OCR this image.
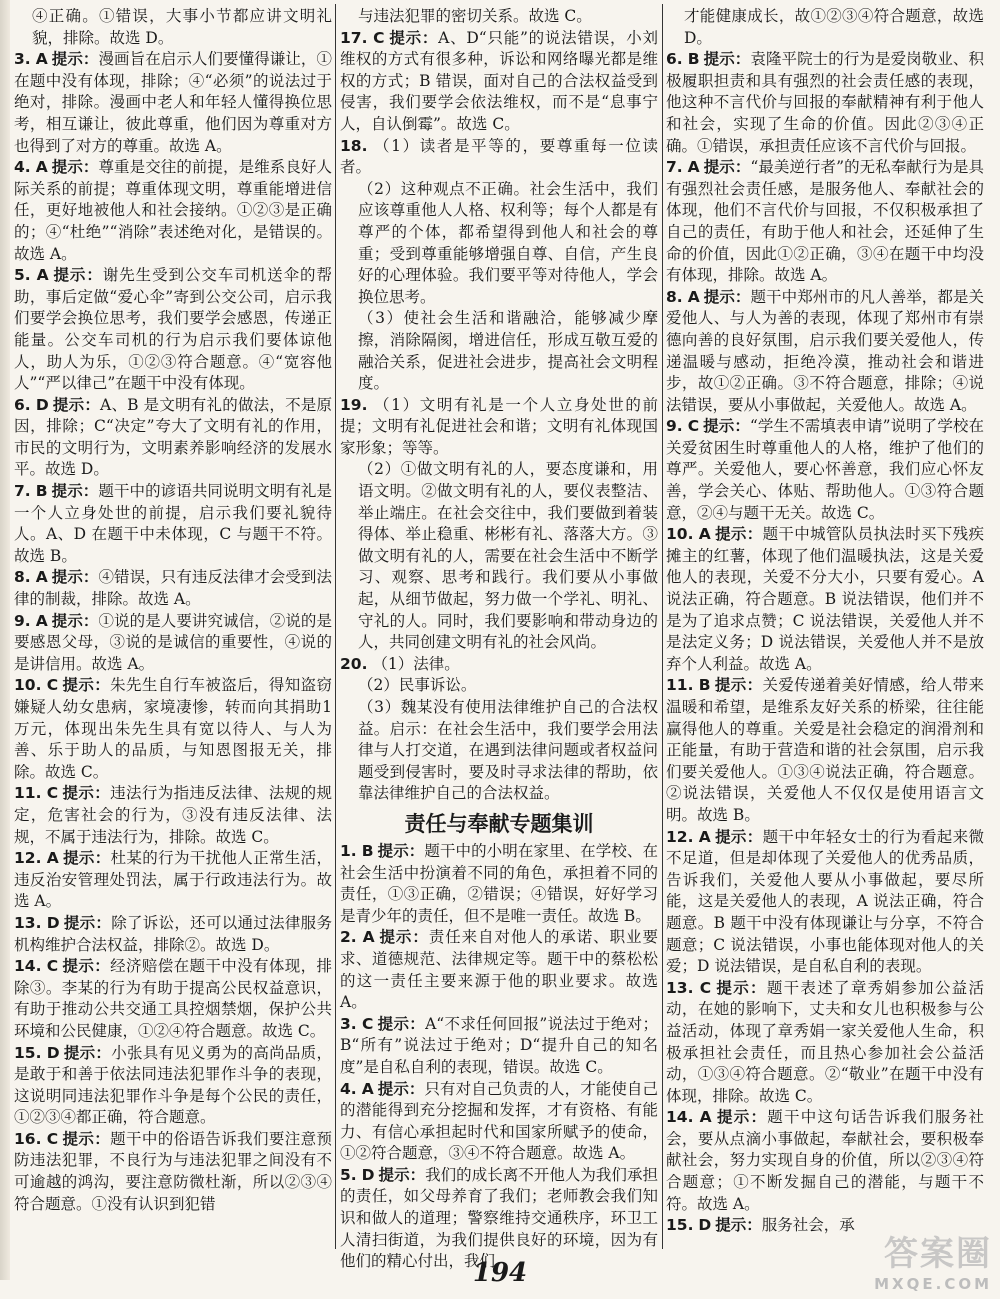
④正确。①错误，大事小节都应讲文明礼貌，排除。故选 D。

3. A 提示：漫画旨在启示人们要懂得谦让，①在题中没有体现，排除；④“必须”的说法过于绝对，排除。漫画中老人和年轻人懂得换位思考，相互谦让，彼此尊重，他们因为尊重对方也得到了对方的尊重。故选 A。

4. A 提示：尊重是交往的前提，是维系良好人际关系的前提；尊重体现文明，尊重能增进信任，更好地被他人和社会接纳。①②③是正确的；④“杜绝”“消除”表述绝对化，是错误的。故选 A。

5. A 提示：谢先生受到公交车司机送伞的帮助，事后定做“爱心伞”寄到公交公司，启示我们要学会换位思考，我们要学会感恩，传递正能量。公交车司机的行为启示我们要体谅他人，助人为乐，①②③符合题意。④“宽容他人”“严以律己”在题干中没有体现。

6. D 提示：A、B 是文明有礼的做法，不是原因，排除；C“决定”夸大了文明有礼的作用，市民的文明行为，文明素养影响经济的发展水平。故选 D。

7. B 提示：题干中的谚语共同说明文明有礼是一个人立身处世的前提，启示我们要礼貌待人。A、D 在题干中未体现，C 与题干不符。故选 B。

8. A 提示：④错误，只有违反法律才会受到法律的制裁，排除。故选 A。

9. A 提示：①说的是人要讲究诚信，②说的是要感恩父母，③说的是诚信的重要性，④说的是讲信用。故选 A。

10. C 提示：朱先生自行车被盗后，得知盗窃嫌疑人幼女患病，家境凄惨，转而向其捐助1万元，体现出朱先生具有宽以待人、与人为善、乐于助人的品质，与知恩图报无关，排除。故选 C。

11. C 提示：违法行为指违反法律、法规的规定，危害社会的行为，③没有违反法律、法规，不属于违法行为，排除。故选 C。

12. A 提示：杜某的行为干扰他人正常生活，违反治安管理处罚法，属于行政违法行为。故选 A。

13. D 提示：除了诉讼，还可以通过法律服务机构维护合法权益，排除②。故选 D。

14. C 提示：经济赔偿在题干中没有体现，排除③。李某的行为有助于提高公民权益意识，有助于推动公共交通工具控烟禁烟，保护公共环境和公民健康，①②④符合题意。故选 C。

15. D 提示：小张具有见义勇为的高尚品质，是敢于和善于依法同违法犯罪作斗争的表现，这说明同违法犯罪作斗争是每个公民的责任，①②③④都正确，符合题意。

16. C 提示：题干中的俗语告诉我们要注意预防违法犯罪，不良行为与违法犯罪之间没有不可逾越的鸿沟，要注意防微杜渐，所以②③④符合题意。①没有认识到犯错

与违法犯罪的密切关系。故选 C。

17. C 提示：A、D“只能”的说法错误，小刘维权的方式有很多种，诉讼和网络曝光都是维权的方式；B 错误，面对自己的合法权益受到侵害，我们要学会依法维权，而不是“息事宁人，自认倒霉”。故选 C。

18. （1）读者是平等的，要尊重每一位读者。

（2）这种观点不正确。社会生活中，我们应该尊重他人人格、权利等；每个人都是有尊严的个体，都希望得到他人和社会的尊重；受到尊重能够增强自尊、自信，产生良好的心理体验。我们要平等对待他人，学会换位思考。

（3）使社会生活和谐融洽，能够减少摩擦，消除隔阂，增进信任，形成互敬互爱的融洽关系，促进社会进步，提高社会文明程度。

19. （1）文明有礼是一个人立身处世的前提；文明有礼促进社会和谐；文明有礼体现国家形象；等等。

（2）①做文明有礼的人，要态度谦和，用语文明。②做文明有礼的人，要仪表整洁、举止端庄。在社会交往中，我们要做到着装得体、举止稳重、彬彬有礼、落落大方。③做文明有礼的人，需要在社会生活中不断学习、观察、思考和践行。我们要从小事做起，从细节做起，努力做一个学礼、明礼、守礼的人。同时，我们要影响和带动身边的人，共同创建文明有礼的社会风尚。

20. （1）法律。

（2）民事诉讼。

（3）魏某没有使用法律维护自己的合法权益。启示：在社会生活中，我们要学会用法律与人打交道，在遇到法律问题或者权益问题受到侵害时，要及时寻求法律的帮助，依靠法律维护自己的合法权益。

责任与奉献专题集训

1. B 提示：题干中的小明在家里、在学校、在社会生活中扮演着不同的角色，承担着不同的责任，①③正确，②错误；④错误，好好学习是青少年的责任，但不是唯一责任。故选 B。

2. A 提示：责任来自对他人的承诺、职业要求、道德规范、法律规定等。题干中的蔡松松的这一责任主要来源于他的职业要求。故选 A。

3. C 提示：A“不求任何回报”说法过于绝对；B“所有”说法过于绝对；D“提升自己的知名度”是自私自利的表现，错误。故选 C。

4. A 提示：只有对自己负责的人，才能使自己的潜能得到充分挖掘和发挥，才有资格、有能力、有信心承担起时代和国家所赋予的使命，①②符合题意，③④不符合题意。故选 A。

5. D 提示：我们的成长离不开他人为我们承担的责任，如父母养育了我们；老师教会我们知识和做人的道理；警察维持交通秩序，环卫工人清扫街道，为我们提供良好的环境，因为有他们的精心付出，我们

才能健康成长，故①②③④符合题意，故选 D。

6. B 提示：袁隆平院士的行为是爱岗敬业、积极履职担责和具有强烈的社会责任感的表现，他这种不言代价与回报的奉献精神有利于他人和社会，实现了生命的价值。因此②③④正确。①错误，承担责任应该不言代价与回报。

7. A 提示：“最美逆行者”的无私奉献行为是具有强烈社会责任感，是服务他人、奉献社会的体现，他们不言代价与回报，不仅积极承担了自己的责任，有助于他人和社会，还延伸了生命的价值，因此①②正确，③④在题干中均没有体现，排除。故选 A。

8. A 提示：题干中郑州市的凡人善举，都是关爱他人、与人为善的表现，体现了郑州市有崇德向善的良好氛围，启示我们要关爱他人，传递温暖与感动，拒绝冷漠，推动社会和谐进步，故①②正确。③不符合题意，排除；④说法错误，要从小事做起，关爱他人。故选 A。

9. C 提示：“学生不需填表申请”说明了学校在关爱贫困生时尊重他人的人格，维护了他们的尊严。关爱他人，要心怀善意，我们应心怀友善，学会关心、体贴、帮助他人。①③符合题意，②④与题干无关。故选 C。

10. A 提示：题干中城管队员执法时买下残疾摊主的红薯，体现了他们温暖执法，这是关爱他人的表现，关爱不分大小，只要有爱心。A 说法正确，符合题意。B 说法错误，他们并不是为了追求点赞；C 说法错误，关爱他人并不是法定义务；D 说法错误，关爱他人并不是放弃个人利益。故选 A。

11. B 提示：关爱传递着美好情感，给人带来温暖和希望，是维系友好关系的桥梁，往往能赢得他人的尊重。关爱是社会稳定的润滑剂和正能量，有助于营造和谐的社会氛围，启示我们要关爱他人。①③④说法正确，符合题意。②说法错误，关爱他人不仅仅是使用语言文明。故选 B。

12. A 提示：题干中年轻女士的行为看起来微不足道，但是却体现了关爱他人的优秀品质，告诉我们，关爱他人要从小事做起，要尽所能，这是关爱他人的表现，A 说法正确，符合题意。B 题干中没有体现谦让与分享，不符合题意；C 说法错误，小事也能体现对他人的关爱；D 说法错误，是自私自利的表现。

13. C 提示：题干表述了章秀娟参加公益活动，在她的影响下，丈夫和女儿也积极参与公益活动，体现了章秀娟一家关爱他人生命，积极承担社会责任，而且热心参加社会公益活动，①③④符合题意。②“敬业”在题干中没有体现，排除。故选 C。

14. A 提示：题干中这句话告诉我们服务社会，要从点滴小事做起，奉献社会，要积极奉献社会，努力实现自身的价值，所以②③④符合题意；①不断发掘自己的潜能，与题干不符。故选 A。

15. D 提示：服务社会，承

194	答案圈
MXQE.COM
